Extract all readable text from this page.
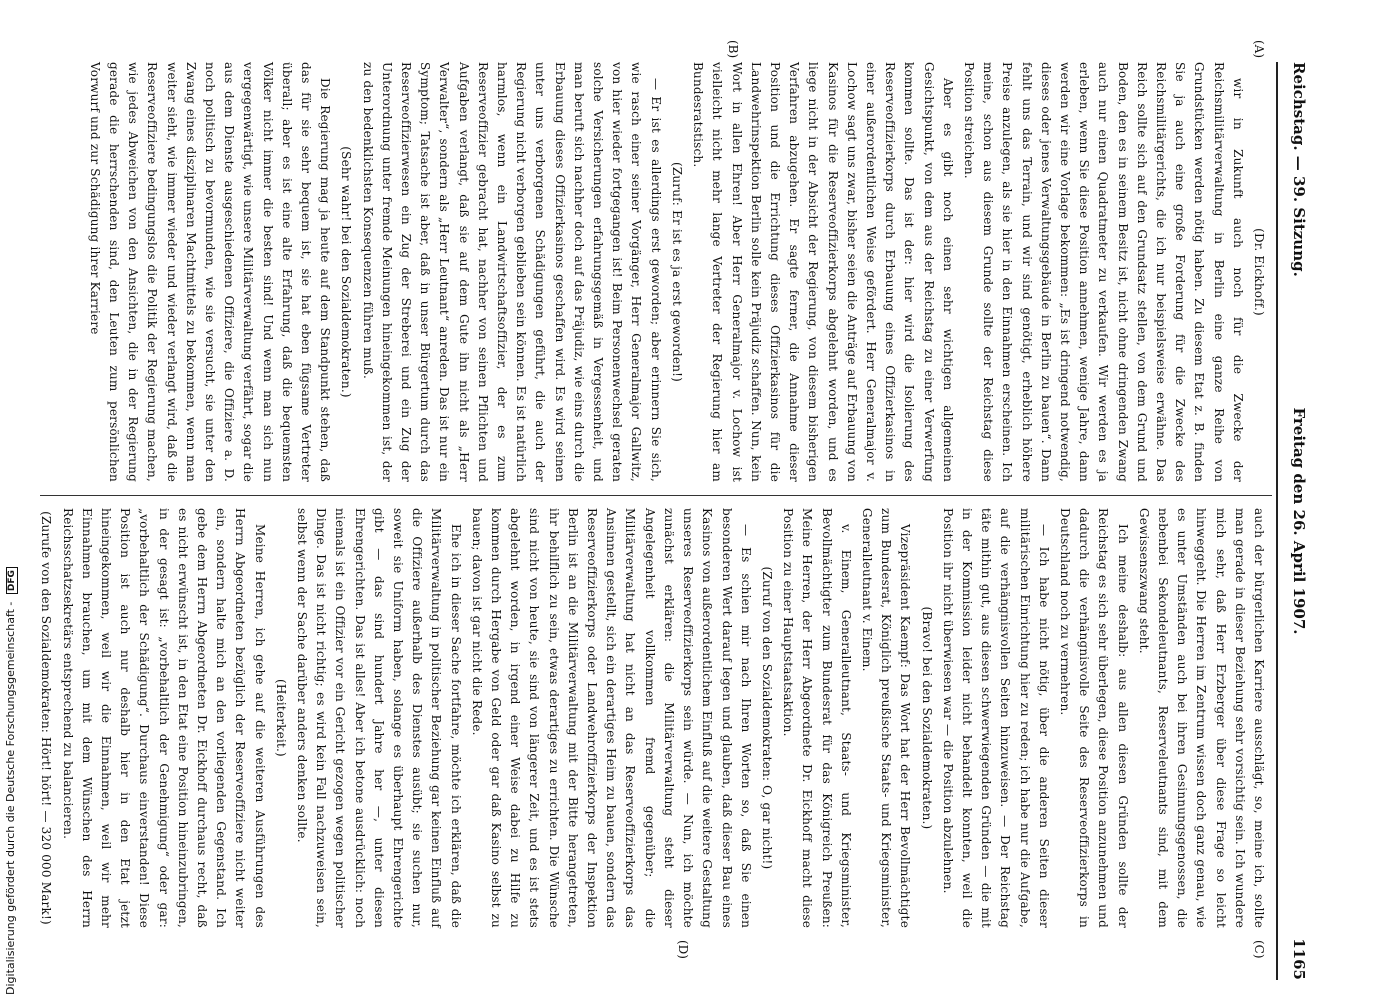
Digitalisierung gefördert durch die Deutsche Forschungsgemeinschaft - DFG
Reichstag. — 39. Sitzung.
Freitag den 26. April 1907.
1165
(A)
(B)
(C)
(D)

(Dr. Eickhoff.)

wir in Zukunft auch noch für die Zwecke der Reichsmilitärverwaltung in Berlin eine ganze Reihe von Grundstücken werden nötig haben. Zu diesem Etat z. B. finden Sie ja auch eine große Forderung für die Zwecke des Reichsmilitärgerichts, die ich nur beispielsweise erwähne. Das Reich sollte sich auf den Grundsatz stellen, von dem Grund und Boden, den es in seinem Besitz ist, nicht ohne dringenden Zwang auch nur einen Quadratmeter zu verkaufen. Wir werden es ja erleben, wenn Sie diese Position annehmen, wenige Jahre, dann werden wir eine Vorlage bekommen: „Es ist dringend notwendig, dieses oder jenes Verwaltungsgebäude in Berlin zu bauen“. Dann fehlt uns das Terrain, und wir sind genötigt, erheblich höhere Preise anzulegen, als sie hier in den Einnahmen erscheinen. Ich meine, schon aus diesem Grunde sollte der Reichstag diese Position streichen.

Aber es gibt noch einen sehr wichtigen allgemeinen Gesichtspunkt, von dem aus der Reichstag zu einer Verwerfung kommen sollte. Das ist der: hier wird die Isolierung des Reserveoffizierkorps durch Erbauung eines Offizierkasinos in einer außerordentlichen Weise gefördert. Herr Generalmajor v. Lochow sagt uns zwar, bisher seien die Anträge auf Erbauung von Kasinos für die Reserveoffizierkorps abgelehnt worden, und es liege nicht in der Absicht der Regierung, von diesem bisherigen Verfahren abzugehen. Er sagte ferner, die Annahme dieser Position und die Errichtung dieses Offizierkasinos für die Landwehrinspektion Berlin solle kein Präjudiz schaffen. Nun, kein Wort in allen Ehren! Aber Herr Generalmajor v. Lochow ist vielleicht nicht mehr lange Vertreter der Regierung hier am Bundesratstisch.

(Zuruf: Er ist es ja erst geworden!)

— Er ist es allerdings erst geworden; aber erinnern Sie sich, wie rasch einer seiner Vorgänger, Herr Generalmajor Gallwitz, von hier wieder fortgegangen ist! Beim Personenwechsel geraten solche Versicherungen erfahrungsgemäß in Vergessenheit, und man beruft sich nachher doch auf das Präjudiz, wie eins durch die Erbauung dieses Offizierkasinos geschaffen wird. Es wird seinen unter uns verborgenen Schädigungen geführt, die auch der Regierung nicht verborgen geblieben sein können. Es ist natürlich harmlos, wenn ein Landwirtschaftsoffizier, der es zum Reserveoffizier gebracht hat, nachher von seinen Pflichten und Aufgaben verlangt, daß sie auf dem Gute ihn nicht als „Herr Verwalter“, sondern als „Herr Leutnant“ anreden. Das ist nur ein Symptom; Tatsache ist aber, daß in unser Bürgertum durch das Reserveoffizierwesen ein Zug der Streberei und ein Zug der Unterordnung unter fremde Meinungen hineingekommen ist, der zu den bedenklichsten Konsequenzen führen muß.

(Sehr wahr! bei den Sozialdemokraten.)

Die Regierung mag ja heute auf dem Standpunkt stehen, daß das für sie sehr bequem ist, sie hat eben fügsame Vertreter überall; aber es ist eine alte Erfahrung, daß die bequemsten Völker nicht immer die besten sind! Und wenn man sich nun vergegenwärtigt, wie unsere Militärverwaltung verfährt, sogar die aus dem Dienste ausgeschiedenen Offiziere, die Offiziere a. D. noch politisch zu bevormunden, wie sie versucht, sie unter den Zwang eines disziplinaren Machtmittels zu bekommen, wenn man weiter sieht, wie immer wieder und wieder verlangt wird, daß die Reserveoffiziere bedingungslos die Politik der Regierung machen, wie jedes Abweichen von den Ansichten, die in der Regierung gerade die herrschenden sind, den Leuten zum persönlichen Vorwurf und zur Schädigung ihrer Karriere

auch der bürgerlichen Karriere ausschlägt, so, meine ich, sollte man gerade in dieser Beziehung sehr vorsichtig sein. Ich wundere mich sehr, daß Herr Erzberger über diese Frage so leicht hinweggeht. Die Herren im Zentrum wissen doch ganz genau, wie es unter Umständen auch bei ihren Gesinnungsgenossen, die nebenbei Sekondeleutnants, Reserveleutnants sind, mit dem Gewissenszwang steht.

Ich meine deshalb: aus allen diesen Gründen sollte der Reichstag es sich sehr überlegen, diese Position anzunehmen und dadurch die verhängnisvolle Seite des Reserveoffizierkorps in Deutschland noch zu vermehren.

— Ich habe nicht nötig, über die anderen Seiten dieser militärischen Einrichtung hier zu reden; ich habe nur die Aufgabe, auf die verhängnisvollen Seiten hinzuweisen. — Der Reichstag täte mithin gut, aus diesen schwerwiegenden Gründen — die mit in der Kommission leider nicht behandelt konnten, weil die Position ihr nicht überwiesen war — die Position abzulehnen.

(Bravo! bei den Sozialdemokraten.)

Vizepräsident Kaempf: Das Wort hat der Herr Bevollmächtigte zum Bundesrat, Königlich preußische Staats- und Kriegsminister, Generalleutnant v. Einem.

v. Einem, Generalleutnant, Staats- und Kriegsminister, Bevollmächtigter zum Bundesrat für das Königreich Preußen: Meine Herren, der Herr Abgeordnete Dr. Eickhoff macht diese Position zu einer Hauptstaatsaktion.

(Zuruf von den Sozialdemokraten: O, gar nicht!)

— Es schien mir nach Ihren Worten so, daß Sie einen besonderen Wert darauf legen und glauben, daß dieser Bau eines Kasinos von außerordentlichem Einfluß auf die weitere Gestaltung unseres Reserveoffizierkorps sein würde. — Nun, ich möchte zunächst erklären: die Militärverwaltung steht dieser Angelegenheit vollkommen fremd gegenüber; die Militärverwaltung hat nicht an das Reserveoffizierkorps das Ansinnen gestellt, sich ein derartiges Heim zu bauen, sondern das Reserveoffizierkorps oder Landwehroffizierkorps der Inspektion Berlin ist an die Militärverwaltung mit der Bitte herangetreten, ihr behilflich zu sein, etwas derartiges zu errichten. Die Wünsche sind nicht von heute, sie sind von längerer Zeit, und es ist stets abgelehnt worden, in irgend einer Weise dabei zu Hilfe zu kommen durch Hergabe von Geld oder gar daß Kasino selbst zu bauen; davon ist gar nicht die Rede.

Ehe ich in dieser Sache fortfahre, möchte ich erklären, daß die Militärverwaltung in politischer Beziehung gar keinen Einfluß auf die Offiziere außerhalb des Dienstes ausübt; sie suchen nur, soweit sie Uniform haben, solange es überhaupt Ehrengerichte gibt — das sind hundert Jahre her —, unter diesen Ehrengerichten. Das ist alles! Aber ich betone ausdrücklich: noch niemals ist ein Offizier vor ein Gericht gezogen wegen politischer Dinge. Das ist nicht richtig; es wird kein Fall nachzuweisen sein, selbst wenn der Sache darüber anders denken sollte.

(Heiterkeit.)

Meine Herren, ich gehe auf die weiteren Ausführungen des Herrn Abgeordneten bezüglich der Reserveoffiziere nicht weiter ein, sondern halte mich an den vorliegenden Gegenstand. Ich gebe dem Herrn Abgeordneten Dr. Eickhoff durchaus recht, daß es nicht erwünscht ist, in den Etat eine Position hineinzubringen, in der gesagt ist: „vorbehaltlich der Genehmigung“ oder gar: „vorbehaltlich der Schädigung“. Durchaus einverstanden! Diese Position ist auch nur deshalb hier in den Etat jetzt hineingekommen, weil wir die Einnahmen, weil wir mehr Einnahmen brauchen, um mit dem Wünschen des Herrn Reichsschatzsekretärs entsprechend zu balancieren.

(Zurufe von den Sozialdemokraten: Hört! hört! — 320 000 Mark!)
